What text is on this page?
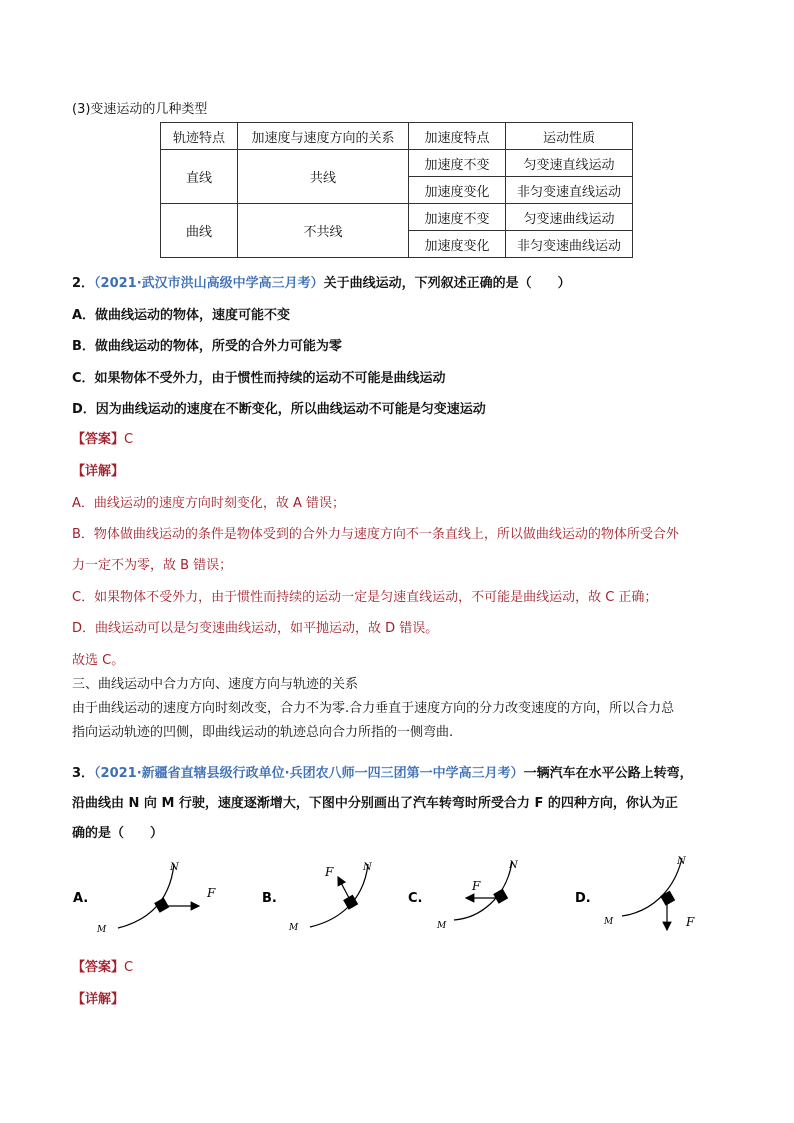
(3)变速运动的几种类型
轨迹特点	加速度与速度方向的关系	加速度特点	运动性质
直线	共线	加速度不变	匀变速直线运动
		加速度变化	非匀变速直线运动
曲线	不共线	加速度不变	匀变速曲线运动
		加速度变化	非匀变速曲线运动
2．（2021·武汉市洪山高级中学高三月考）关于曲线运动，下列叙述正确的是（　　）
A．做曲线运动的物体，速度可能不变
B．做曲线运动的物体，所受的合外力可能为零
C．如果物体不受外力，由于惯性而持续的运动不可能是曲线运动
D．因为曲线运动的速度在不断变化，所以曲线运动不可能是匀变速运动
【答案】C
【详解】
A．曲线运动的速度方向时刻变化，故 A 错误；
B．物体做曲线运动的条件是物体受到的合外力与速度方向不一条直线上，所以做曲线运动的物体所受合外
力一定不为零，故 B 错误；
C．如果物体不受外力，由于惯性而持续的运动一定是匀速直线运动，不可能是曲线运动，故 C 正确；
D．曲线运动可以是匀变速曲线运动，如平抛运动，故 D 错误。
故选 C。
三、曲线运动中合力方向、速度方向与轨迹的关系
由于曲线运动的速度方向时刻改变，合力不为零.合力垂直于速度方向的分力改变速度的方向，所以合力总
指向运动轨迹的凹侧，即曲线运动的轨迹总向合力所指的一侧弯曲.
3．（2021·新疆省直辖县级行政单位·兵团农八师一四三团第一中学高三月考）一辆汽车在水平公路上转弯，
沿曲线由 N 向 M 行驶，速度逐渐增大，下图中分别画出了汽车转弯时所受合力 F 的四种方向，你认为正
确的是（　　）
A.
N
M
F	B.
N
M
F
C.
N
M
F
D.
N
M	F
【答案】C
【详解】
